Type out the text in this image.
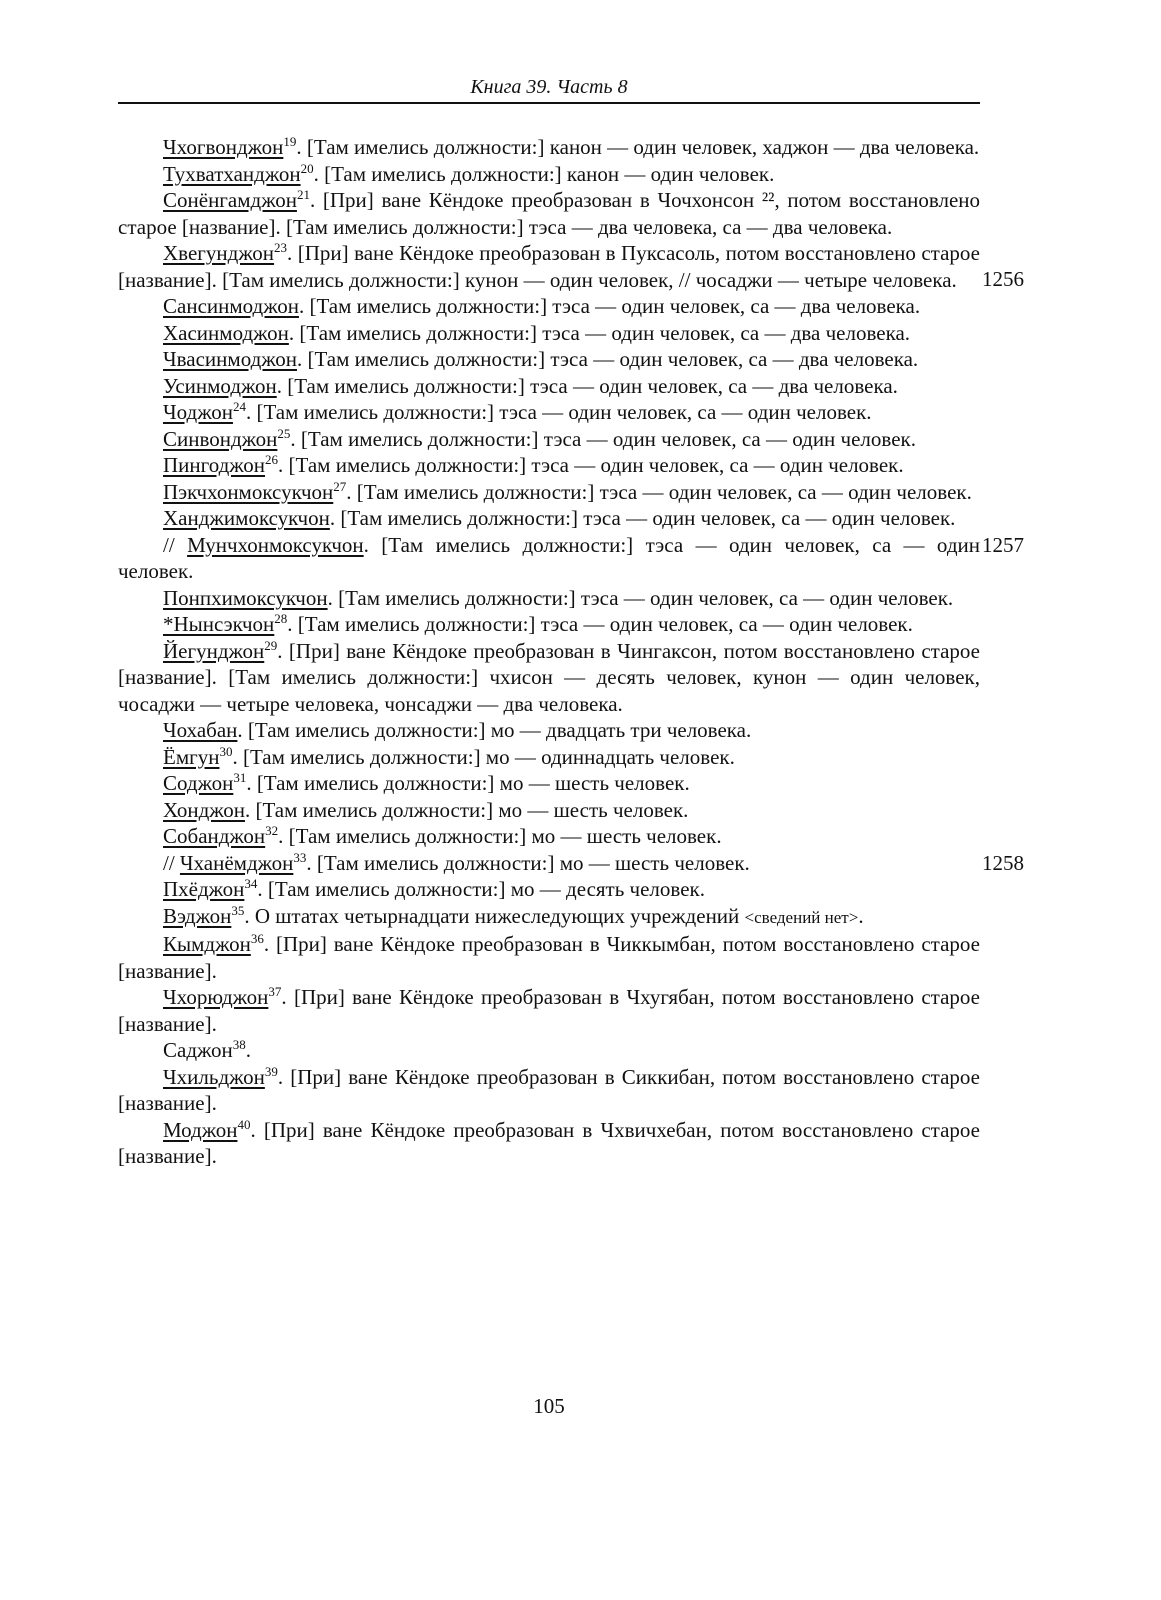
Книга 39. Часть 8

Чхогвонджон$^{19}$. [Там имелись должности:] канон — один человек, хаджон — два человека.

Тухватханджон$^{20}$. [Там имелись должности:] канон — один человек.

Сонёнгамджон$^{21}$. [При] ване Кёндоке преобразован в Чочхонсон ²², потом восстановлено старое [название]. [Там имелись должности:] тэса — два человека, са — два человека.

Хвегунджон$^{23}$. [При] ване Кёндоке преобразован в Пуксасоль, потом восстановлено старое [название]. [Там имелись должности:] кунон — один человек, // чосаджи — четыре человека. 1256

Сансинмоджон. [Там имелись должности:] тэса — один человек, са — два человека.

Хасинмоджон. [Там имелись должности:] тэса — один человек, са — два человека.

Чвасинмоджон. [Там имелись должности:] тэса — один человек, са — два человека.

Усинмоджон. [Там имелись должности:] тэса — один человек, са — два человека.

Чоджон$^{24}$. [Там имелись должности:] тэса — один человек, са — один человек.

Синвонджон$^{25}$. [Там имелись должности:] тэса — один человек, са — один человек.

Пингоджон$^{26}$. [Там имелись должности:] тэса — один человек, са — один человек.

Пэкчхонмоксукчон$^{27}$. [Там имелись должности:] тэса — один человек, са — один человек.

Ханджимоксукчон. [Там имелись должности:] тэса — один человек, са — один человек.

// Мунчхонмоксукчон. [Там имелись должности:] тэса — один человек, са — один человек.
1257

Понпхимоксукчон. [Там имелись должности:] тэса — один человек, са — один человек.

*Нынсэкчон$^{28}$. [Там имелись должности:] тэса — один человек, са — один человек.

Йегунджон$^{29}$. [При] ване Кёндоке преобразован в Чингаксон, потом восстановлено старое [название]. [Там имелись должности:] чхисон — десять человек, кунон — один человек, чосаджи — четыре человека, чонсаджи — два человека.

Чохабан. [Там имелись должности:] мо — двадцать три человека.

Ёмгун$^{30}$. [Там имелись должности:] мо — одиннадцать человек.

Соджон$^{31}$. [Там имелись должности:] мо — шесть человек.

Хонджон. [Там имелись должности:] мо — шесть человек.

Собанджон$^{32}$. [Там имелись должности:] мо — шесть человек.

// Чханёмджон$^{33}$. [Там имелись должности:] мо — шесть человек.	1258

Пхёджон$^{34}$. [Там имелись должности:] мо — десять человек.

Вэджон$^{35}$. О штатах четырнадцати нижеследующих учреждений <сведений нет>.

Кымджон$^{36}$. [При] ване Кёндоке преобразован в Чиккымбан, потом восстановлено старое [название].

Чхорюджон$^{37}$. [При] ване Кёндоке преобразован в Чхугябан, потом восстановлено старое [название].

Саджон$^{38}$.

Чхильджон$^{39}$. [При] ване Кёндоке преобразован в Сиккибан, потом восстановлено старое [название].

Моджон$^{40}$. [При] ване Кёндоке преобразован в Чхвичхебан, потом восстановлено старое [название].

105
